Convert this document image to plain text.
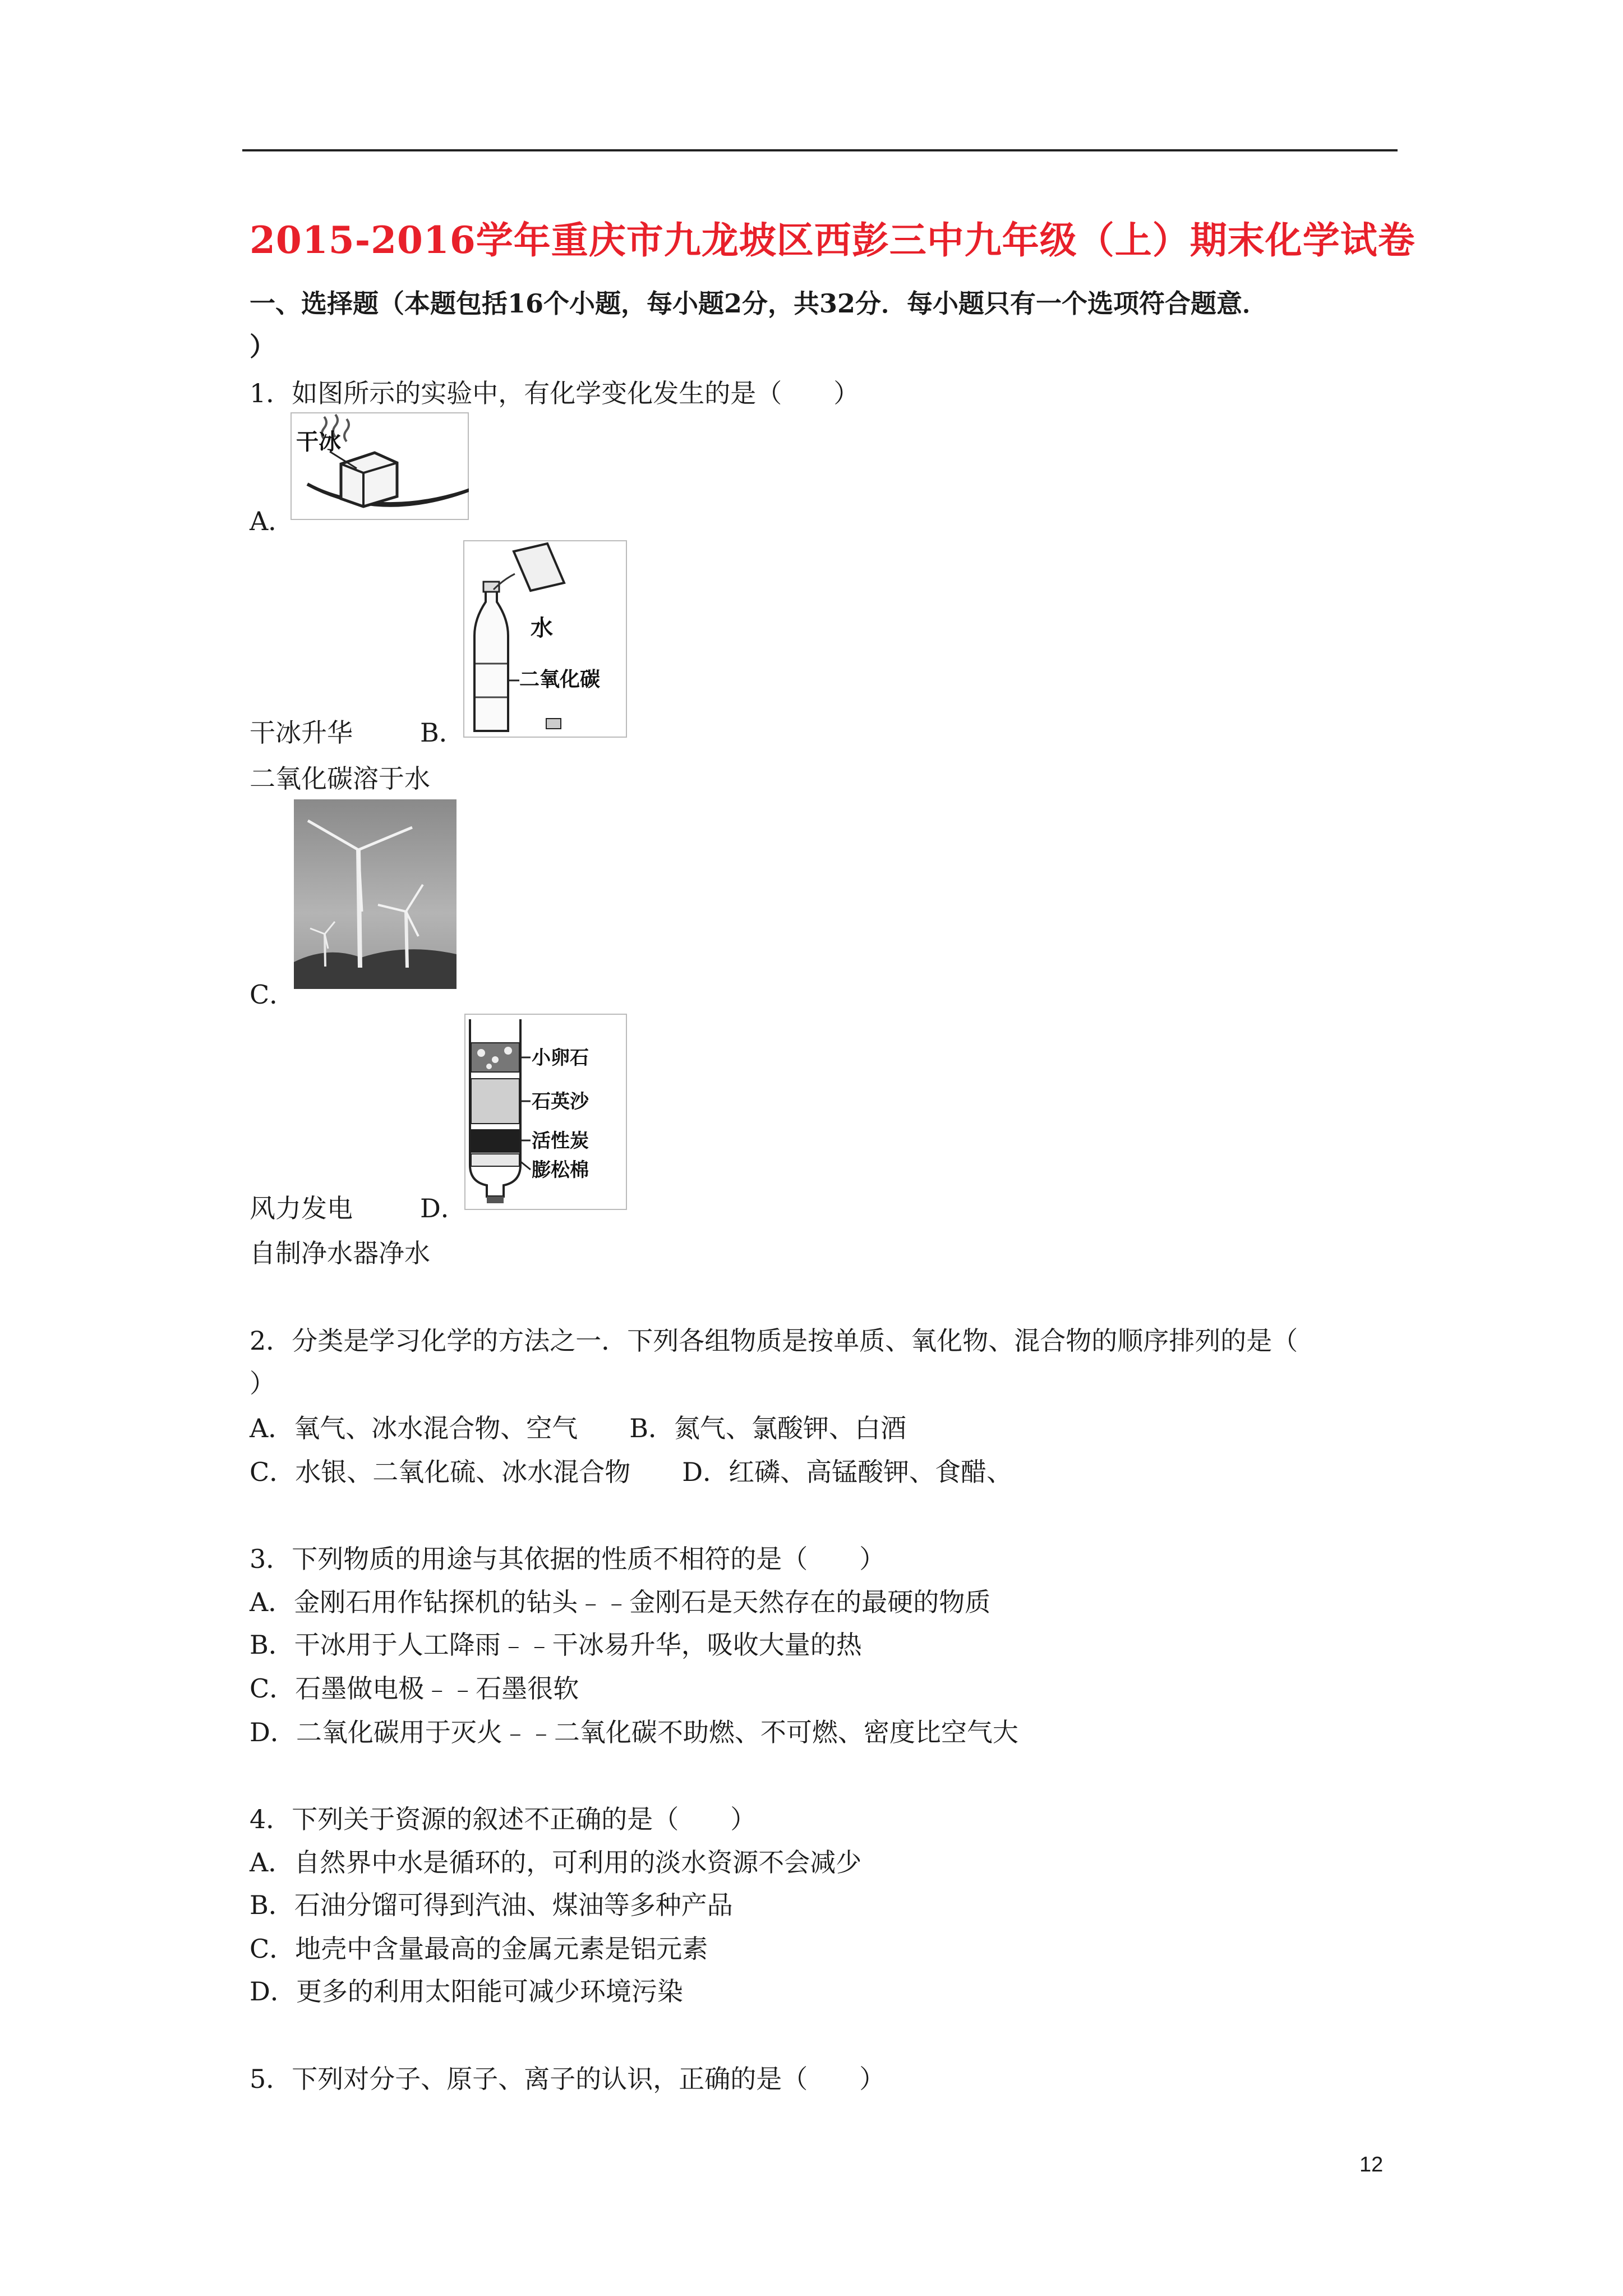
2015-2016学年重庆市九龙坡区西彭三中九年级（上）期末化学试卷
一、选择题（本题包括16个小题，每小题2分，共32分．每小题只有一个选项符合题意．
）
1．如图所示的实验中，有化学变化发生的是（　　）
干冰
A．
水
二氧化碳
干冰升华	B．
二氧化碳溶于水
C．
小卵石
石英沙
活性炭
膨松棉
风力发电	D．
自制净水器净水
2．分类是学习化学的方法之一．下列各组物质是按单质、氧化物、混合物的顺序排列的是（
）
A．氧气、冰水混合物、空气　　B．氮气、氯酸钾、白酒
C．水银、二氧化硫、冰水混合物　　D．红磷、高锰酸钾、食醋、
3．下列物质的用途与其依据的性质不相符的是（　　）
A．金刚石用作钻探机的钻头﹣﹣金刚石是天然存在的最硬的物质
B．干冰用于人工降雨﹣﹣干冰易升华，吸收大量的热
C．石墨做电极﹣﹣石墨很软
D．二氧化碳用于灭火﹣﹣二氧化碳不助燃、不可燃、密度比空气大
4．下列关于资源的叙述不正确的是（　　）
A．自然界中水是循环的，可利用的淡水资源不会减少
B．石油分馏可得到汽油、煤油等多种产品
C．地壳中含量最高的金属元素是铝元素
D．更多的利用太阳能可减少环境污染
5．下列对分子、原子、离子的认识，正确的是（　　）
12
